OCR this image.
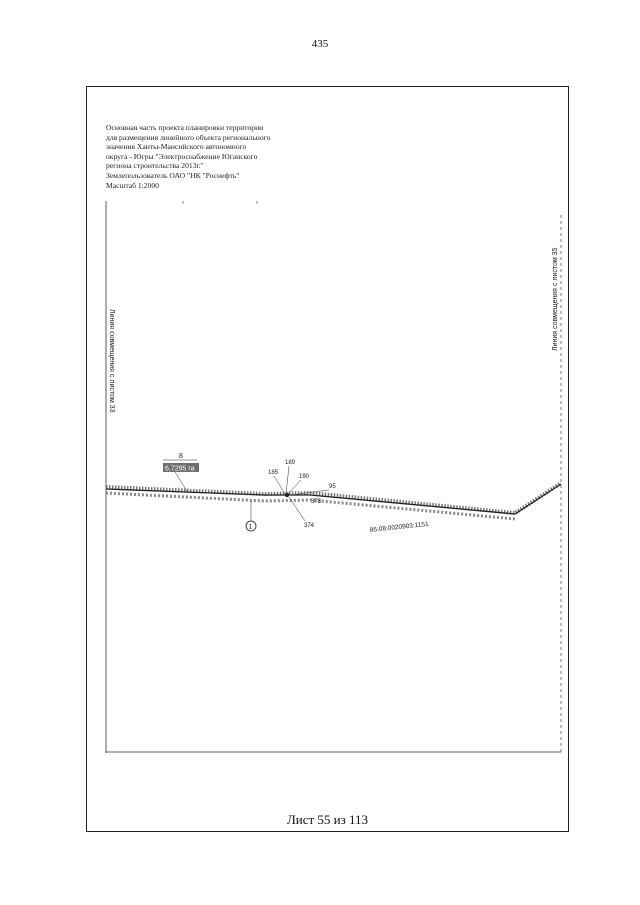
435
Основная часть проекта планировки территории
для размещения линейного объекта регионального
значения Ханты-Мансийского автономного
округа - Югры "Электроснабжение Юганского
региона строительства 2013г."
Землепользователь ОАО "НК "Роснефть"
Масштаб 1:2000
8
6,7295 га
189
185
190
95
373
374	86:08:0020903:1151
1
Линия совмещения с листом 33
Линия совмещения с листом 35
Лист 55 из 113
